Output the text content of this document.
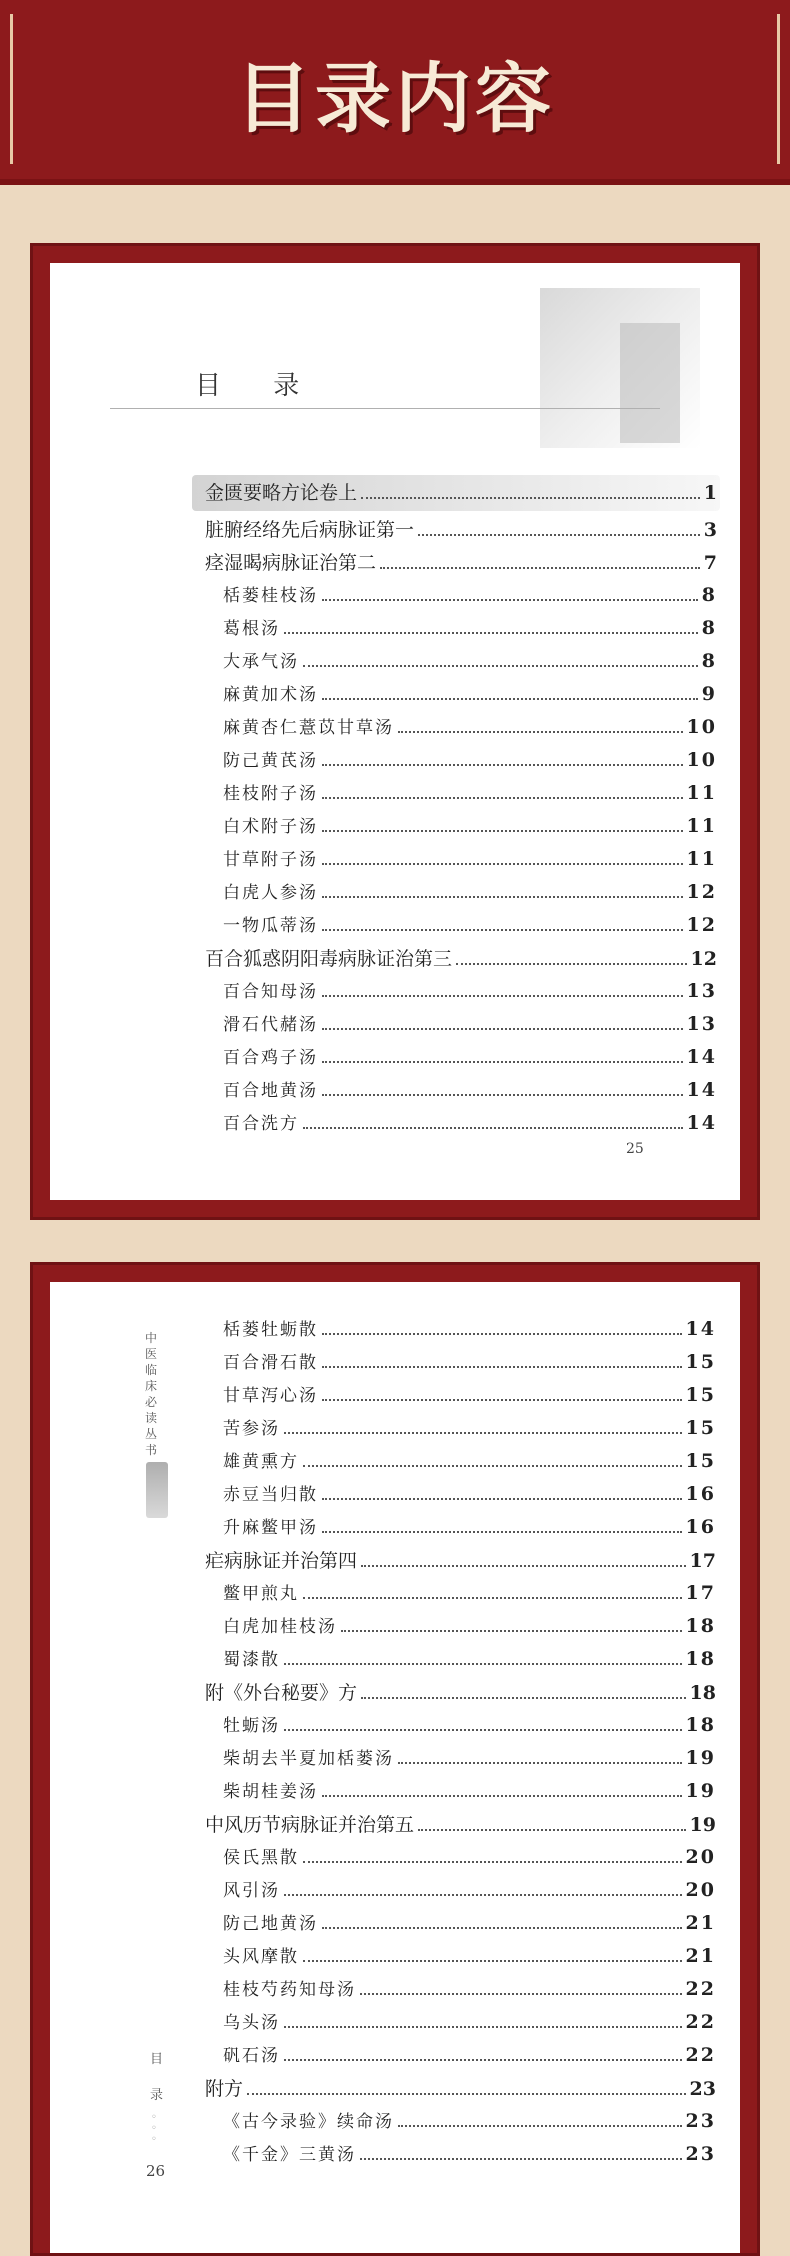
目录内容
目 录
金匮要略方论卷上	1
脏腑经络先后病脉证第一	3
痉湿暍病脉证治第二	7
栝蒌桂枝汤	8
葛根汤	8
大承气汤	8
麻黄加术汤	9
麻黄杏仁薏苡甘草汤	10
防己黄芪汤	10
桂枝附子汤	11
白术附子汤	11
甘草附子汤	11
白虎人参汤	12
一物瓜蒂汤	12
百合狐惑阴阳毒病脉证治第三	12
百合知母汤	13
滑石代赭汤	13
百合鸡子汤	14
百合地黄汤	14
百合洗方	14
25
中医临床必读丛书
目录
◦
◦
◦
26
栝蒌牡蛎散	14
百合滑石散	15
甘草泻心汤	15
苦参汤	15
雄黄熏方	15
赤豆当归散	16
升麻鳖甲汤	16
疟病脉证并治第四	17
鳖甲煎丸	17
白虎加桂枝汤	18
蜀漆散	18
附《外台秘要》方	18
牡蛎汤	18
柴胡去半夏加栝蒌汤	19
柴胡桂姜汤	19
中风历节病脉证并治第五	19
侯氏黑散	20
风引汤	20
防己地黄汤	21
头风摩散	21
桂枝芍药知母汤	22
乌头汤	22
矾石汤	22
附方	23
《古今录验》续命汤	23
《千金》三黄汤	23
